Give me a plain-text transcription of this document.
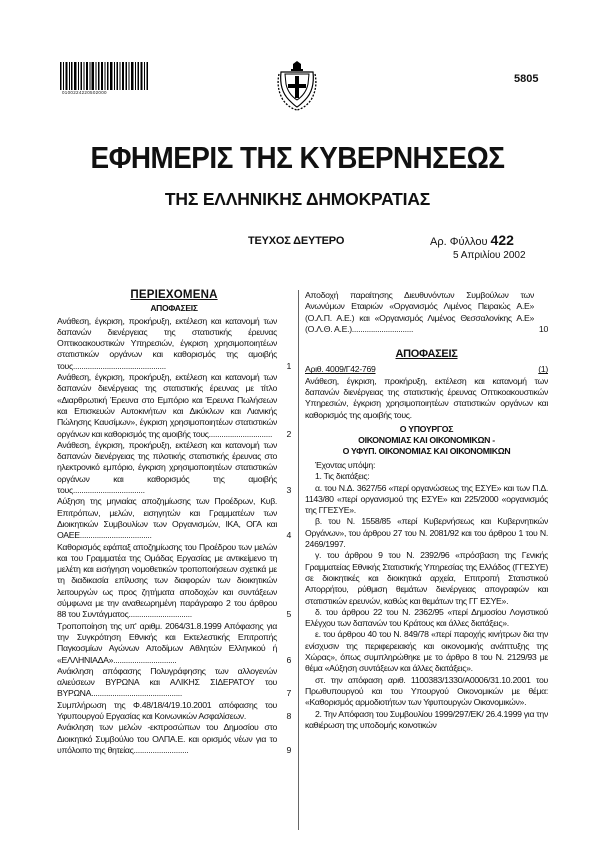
0100224220502000
5805
ΕΦΗΜΕΡΙΣ ΤΗΣ ΚΥΒΕΡΝΗΣΕΩΣ
ΤΗΣ ΕΛΛΗΝΙΚΗΣ ΔΗΜΟΚΡΑΤΙΑΣ
ΤΕΥΧΟΣ ΔΕΥΤΕΡΟ	Αρ. Φύλλου 422
5 Απριλίου 2002
ΠΕΡΙΕΧΟΜΕΝΑ
ΑΠΟΦΑΣΕΙΣ
Ανάθεση, έγκριση, προκήρυξη, εκτέλεση και κατανομή των δαπανών διενέργειας της στατιστικής έρευνας Οπτικοακουστικών Υπηρεσιών, έγκριση χρησιμοποιητέων στατιστικών οργάνων και καθορισμός της αμοιβής τους............................................	1
Ανάθεση, έγκριση, προκήρυξη, εκτέλεση και κατανομή των δαπανών διενέργειας της στατιστικής έρευνας με τίτλο «Διαρθρωτική Έρευνα στο Εμπόριο και Έρευνα Πωλήσεων και Επισκευών Αυτοκινήτων και Δικύκλων και Λιανικής Πώλησης Καυσίμων», έγκριση χρησιμοποιητέων στατιστικών οργάνων και καθορισμός της αμοιβής τους.............................. 2
Ανάθεση, έγκριση, προκήρυξη, εκτέλεση και κατανομή των δαπανών διενέργειας της πιλοτικής στατιστικής έρευνας στο ηλεκτρονικό εμπόριο, έγκριση χρησιμοποιητέων στατιστικών οργάνων και καθορισμός της αμοιβής τους..................................	3
Αύξηση της μηνιαίας αποζημίωσης των Προέδρων, Κυβ. Επιτρόπων, μελών, εισηγητών και Γραμματέων των Διοικητικών Συμβουλίων των Οργανισμών, ΙΚΑ, ΟΓΑ και ΟΑΕΕ..................................	4
Καθορισμός εφάπαξ αποζημίωσης του Προέδρου των μελών και του Γραμματέα της Ομάδας Εργασίας με αντικείμενο τη μελέτη και εισήγηση νομοθετικών τροποποιήσεων σχετικά με τη διαδικασία επίλυσης των διαφορών των διοικητικών λειτουργών ως προς ζητήματα αποδοχών και συντάξεων σύμφωνα με την αναθεωρημένη παράγραφο 2 του άρθρου 88 του Συντάγματος..............................	5
Τροποποίηση της υπ' αριθμ. 2064/31.8.1999 Απόφασης για την Συγκρότηση Εθνικής και Εκτελεστικής Επιτροπής Παγκοσμίων Αγώνων Αποδίμων Αθλητών Ελληνικού ή «ΕΛΛΗΝΙΑΔΑ»..............................	6
Ανάκληση απόφασης Πολυγράφησης των αλλογενών αλιεύσεων ΒΥΡΩΝΑ και ΑΛΙΚΗΣ ΣΙΔΕΡΑΤΟΥ του ΒΥΡΩΝΑ...........................................	7
Συμπλήρωση της Φ.48/18/4/19.10.2001 απόφασης του Υφυπουργού Εργασίας και Κοινωνικών Ασφαλίσεων.	8
Ανάκληση των μελών -εκπροσώπων του Δημοσίου στο Διοικητικό Συμβούλιο του ΟΛΠΑ.Ε. και ορισμός νέων για το υπόλοιπο της θητείας..........................	9
Αποδοχή παραίτησης Διευθυνόντων Συμβούλων των Ανωνύμων Εταιριών «Οργανισμός Λιμένος Πειραιώς Α.Ε» (Ο.Λ.Π. Α.Ε.) και «Οργανισμός Λιμένος Θεσσαλονίκης Α.Ε» (Ο.Λ.Θ. Α.Ε.).............................	10
ΑΠΟΦΑΣΕΙΣ
Αριθ. 4009/Γ42-769	(1)
Ανάθεση, έγκριση, προκήρυξη, εκτέλεση και κατανομή των δαπανών διενέργειας της στατιστικής έρευνας Οπτικοακουστικών Υπηρεσιών, έγκριση χρησιμοποιητέων στατιστικών οργάνων και καθορισμός της αμοιβής τους.
Ο ΥΠΟΥΡΓΟΣ
ΟΙΚΟΝΟΜΙΑΣ ΚΑΙ ΟΙΚΟΝΟΜΙΚΩΝ -
Ο ΥΦΥΠ. ΟΙΚΟΝΟΜΙΑΣ ΚΑΙ ΟΙΚΟΝΟΜΙΚΩΝ
Έχοντας υπόψη:
1. Τις διατάξεις:
α. του Ν.Δ. 3627/56 «περί οργανώσεως της ΕΣΥΕ» και των Π.Δ. 1143/80 «περί οργανισμού της ΕΣΥΕ» και 225/2000 «οργανισμός της ΓΓΕΣΥΕ».
β. του Ν. 1558/85 «περί Κυβερνήσεως και Κυβερνητικών Οργάνων», του άρθρου 27 του Ν. 2081/92 και του άρθρου 1 του Ν. 2469/1997.
γ. του άρθρου 9 του Ν. 2392/96 «πρόσβαση της Γενικής Γραμματείας Εθνικής Στατιστικής Υπηρεσίας της Ελλάδος (ΓΓΕΣΥΕ) σε διοικητικές και διοικητικά αρχεία, Επιτροπή Στατιστικού Απορρήτου, ρύθμιση θεμάτων διενέργειας απογραφών και στατιστικών ερευνών, καθώς και θεμάτων της ΓΓ ΕΣΥΕ».
δ. του άρθρου 22 του Ν. 2362/95 «περί Δημοσίου Λογιστικού Ελέγχου των δαπανών του Κράτους και άλλες διατάξεις».
ε. του άρθρου 40 του Ν. 849/78 «περί παροχής κινήτρων δια την ενίσχυσιν της περιφερειακής και οικονομικής ανάπτυξης της Χώρας», όπως συμπληρώθηκε με το άρθρο 8 του Ν. 2129/93 με θέμα «Αύξηση συντάξεων και άλλες διατάξεις».
στ. την απόφαση αριθ. 1100383/1330/Α0006/31.10.2001 του Πρωθυπουργού και του Υπουργού Οικονομικών με θέμα: «Καθορισμός αρμοδιοτήτων των Υφυπουργών Οικονομικών».
2. Την Απόφαση του Συμβουλίου 1999/297/ΕΚ/ 26.4.1999 για την καθιέρωση της υποδομής κοινοτικών
